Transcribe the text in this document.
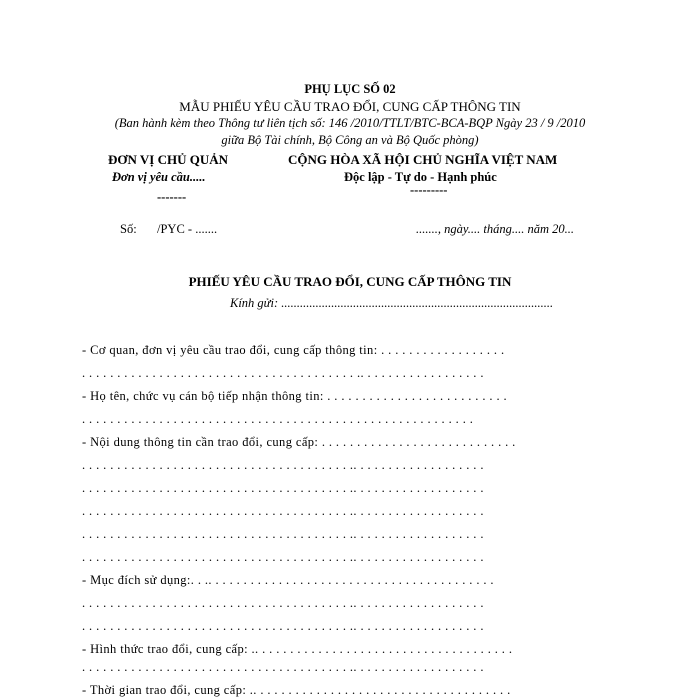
PHỤ LỤC SỐ 02
MẪU PHIẾU YÊU CẦU TRAO ĐỔI, CUNG CẤP THÔNG TIN
(Ban hành kèm theo Thông tư liên tịch số: 146 /2010/TTLT/BTC-BCA-BQP Ngày 23 / 9 /2010
giữa Bộ Tài chính, Bộ Công an và Bộ Quốc phòng)
ĐƠN VỊ CHỦ QUẢN
Đơn vị yêu cầu.....
-------
CỘNG HÒA XÃ HỘI CHỦ NGHĨA VIỆT NAM
Độc lập - Tự do - Hạnh phúc
---------
Số: /PYC - .......	......., ngày.... tháng.... năm 20...
PHIẾU YÊU CẦU TRAO ĐỔI, CUNG CẤP THÔNG TIN
Kính gửi: .......................................................................................
- Cơ quan, đơn vị yêu cầu trao đổi, cung cấp thông tin: . . . . . . . . . . . . . . . . . .
. . . . . . . . . . . . . . . . . . . . . . . . . . . . . . . . . . . . . . . .. . . . . . . . . . . . . . . . . .
- Họ tên, chức vụ cán bộ tiếp nhận thông tin: . . . . . . . . . . . . . . . . . . . . . . . . . .
. . . . . . . . . . . . . . . . . . . . . . . . . . . . . . . . . . . . . . . . . . . . . . . . . . . . . . . .
- Nội dung thông tin cần trao đổi, cung cấp: . . . . . . . . . . . . . . . . . . . . . . . . . . . .
. . . . . . . . . . . . . . . . . . . . . . . . . . . . . . . . . . . . . . .. . . . . . . . . . . . . . . . . . .
. . . . . . . . . . . . . . . . . . . . . . . . . . . . . . . . . . . . . . .. . . . . . . . . . . . . . . . . . .
. . . . . . . . . . . . . . . . . . . . . . . . . . . . . . . . . . . . . . .. . . . . . . . . . . . . . . . . . .
. . . . . . . . . . . . . . . . . . . . . . . . . . . . . . . . . . . . . . .. . . . . . . . . . . . . . . . . . .
. . . . . . . . . . . . . . . . . . . . . . . . . . . . . . . . . . . . . . .. . . . . . . . . . . . . . . . . . .
- Mục đích sử dụng:. . .. . . . . . . . . . . . . . . . . . . . . . . . . . . . . . . . . . . . . . . . .
. . . . . . . . . . . . . . . . . . . . . . . . . . . . . . . . . . . . . . .. . . . . . . . . . . . . . . . . . .
. . . . . . . . . . . . . . . . . . . . . . . . . . . . . . . . . . . . . . .. . . . . . . . . . . . . . . . . . .
- Hình thức trao đổi, cung cấp: .. . . . . . . . . . . . . . . . . . . . . . . . . . . . . . . . . . . . .
. . . . . . . . . . . . . . . . . . . . . . . . . . . . . . . . . . . . . . .. . . . . . . . . . . . . . . . . . .
- Thời gian trao đổi, cung cấp: .. . . . . . . . . . . . . . . . . . . . . . . . . . . . . . . . . . . . .
